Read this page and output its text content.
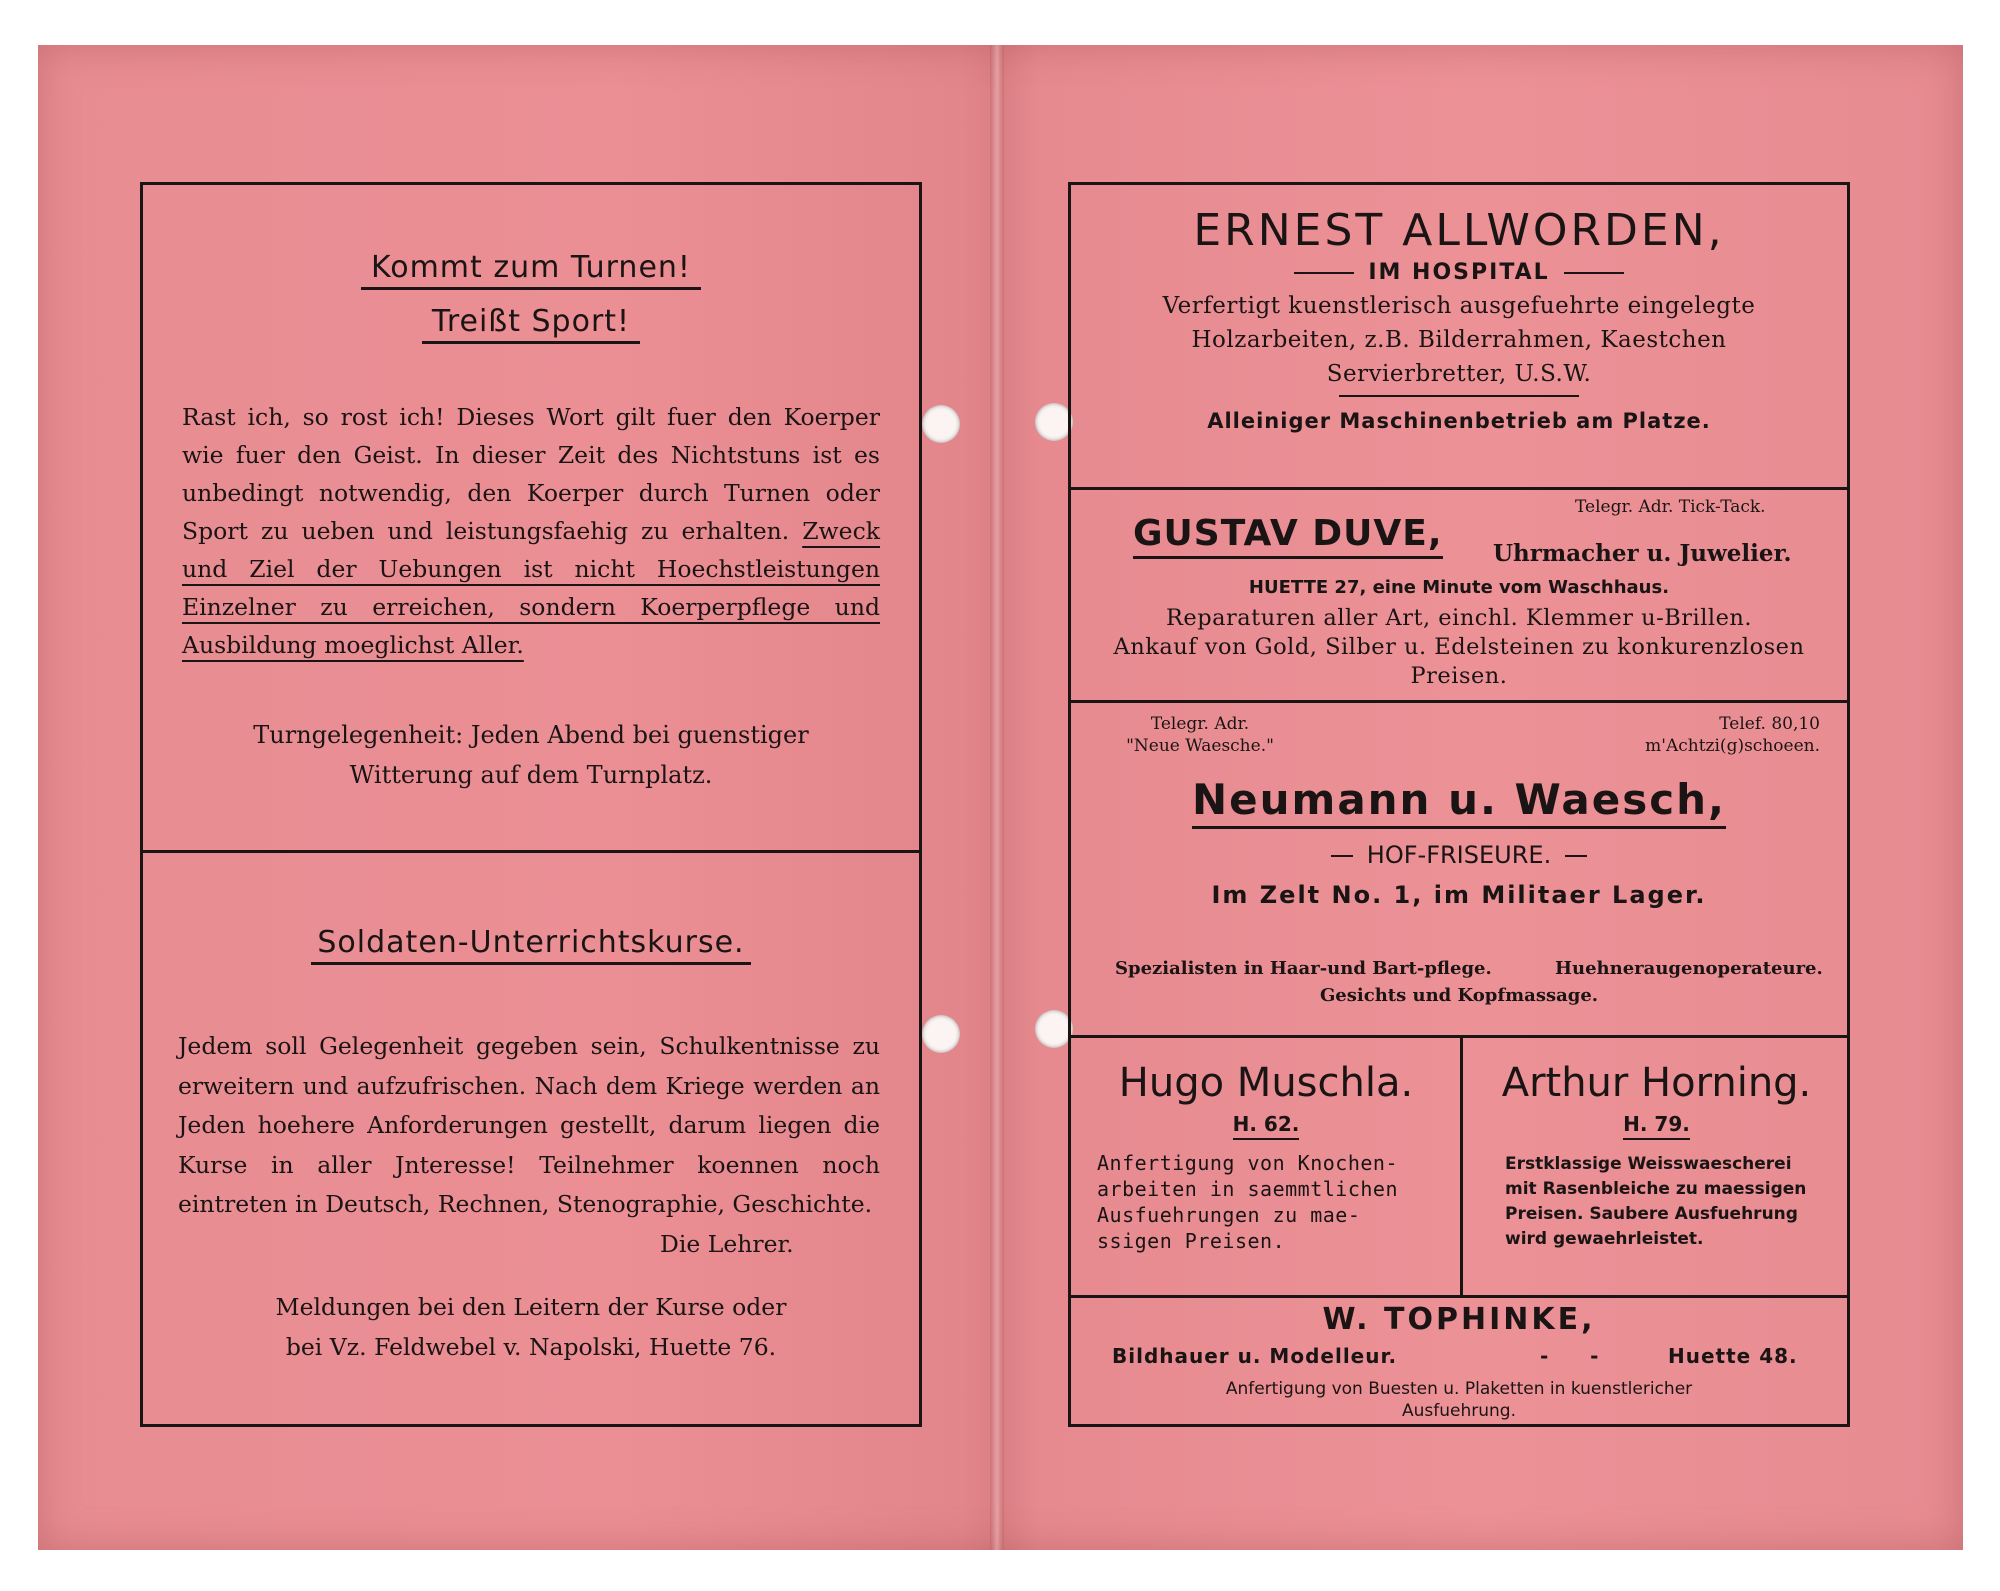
Kommt zum Turnen!
Treißt Sport!
Rast ich, so rost ich! Dieses Wort gilt fuer den Koerper wie fuer den Geist. In dieser Zeit des Nichtstuns ist es unbedingt notwendig, den Koerper durch Turnen oder Sport zu ueben und leistungsfaehig zu erhalten. Zweck und Ziel der Uebungen ist nicht Hoechstleistungen Einzelner zu erreichen, sondern Koerperpflege und Ausbildung moeglichst Aller.
Turngelegenheit: Jeden Abend bei guenstiger
Witterung auf dem Turnplatz.
Soldaten-Unterrichtskurse.
Jedem soll Gelegenheit gegeben sein, Schulkentnisse zu erweitern und aufzufrischen. Nach dem Kriege werden an Jeden hoehere Anforderungen gestellt, darum liegen die Kurse in aller Jnteresse! Teilnehmer koennen noch eintreten in Deutsch, Rechnen, Stenographie, Geschichte.
Die Lehrer.
Meldungen bei den Leitern der Kurse oder
bei Vz. Feldwebel v. Napolski, Huette 76.
ERNEST ALLWORDEN,
IM HOSPITAL
Verfertigt kuenstlerisch ausgefuehrte eingelegte
Holzarbeiten, z.B. Bilderrahmen, Kaestchen
Servierbretter, U.S.W.
Alleiniger Maschinenbetrieb am Platze.
Telegr. Adr. Tick-Tack.
GUSTAV DUVE, Uhrmacher u. Juwelier.
HUETTE 27, eine Minute vom Waschhaus.
Reparaturen aller Art, einchl. Klemmer u-Brillen.
Ankauf von Gold, Silber u. Edelsteinen zu konkurenzlosen
Preisen.
Telegr. Adr.
"Neue Waesche."
Telef. 80,10
m'Achtzi(g)schoeen.
Neumann u. Waesch,
HOF-FRISEURE.
Im Zelt No. 1, im Militaer Lager.
Spezialisten in Haar-und Bart-pflege.	Huehneraugenoperateure.
Gesichts und Kopfmassage.
Hugo Muschla.
H. 62.
Anfertigung von Knochen-
arbeiten in saemmtlichen
Ausfuehrungen zu mae-
ssigen Preisen.
Arthur Horning.
H. 79.
Erstklassige Weisswaescherei
mit Rasenbleiche zu maessigen
Preisen. Saubere Ausfuehrung
wird gewaehrleistet.
W. TOPHINKE,
Bildhauer u. Modelleur.	-      -	Huette 48.
Anfertigung von Buesten u. Plaketten in kuenstlericher
Ausfuehrung.
